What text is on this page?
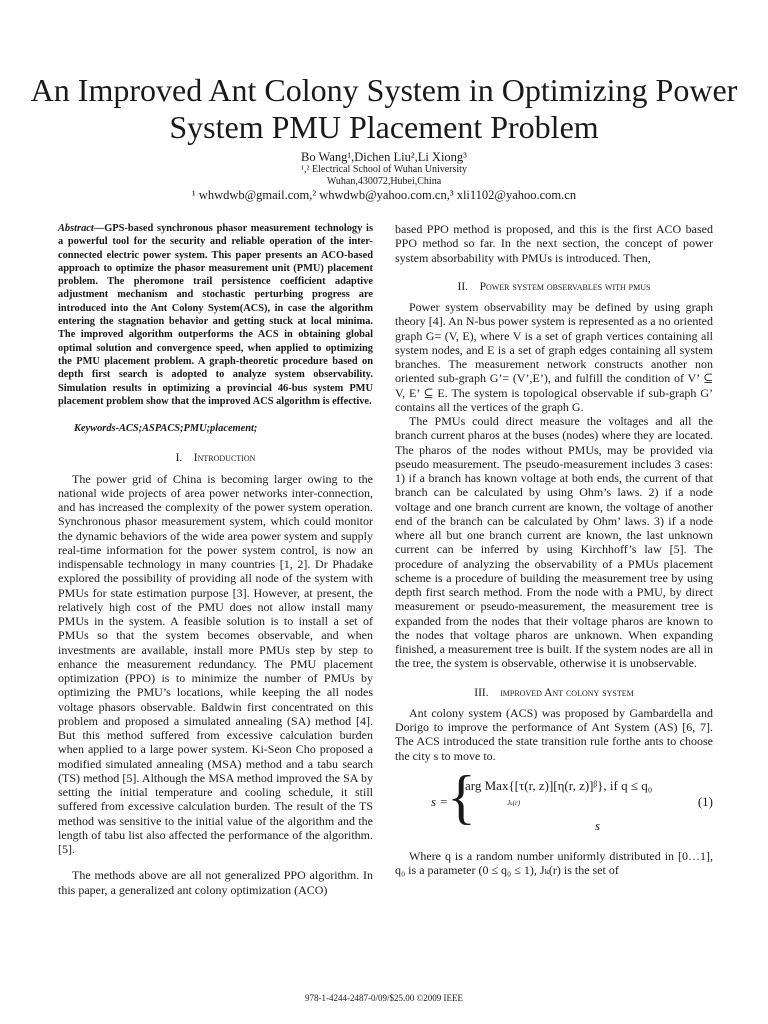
An Improved Ant Colony System in Optimizing Power System PMU Placement Problem
Bo Wang¹,Dichen Liu²,Li Xiong³
¹,² Electrical School of Wuhan University
Wuhan,430072,Hubei,China
¹ whwdwb@gmail.com,² whwdwb@yahoo.com.cn,³ xli1102@yahoo.com.cn
Abstract—GPS-based synchronous phasor measurement technology is a powerful tool for the security and reliable operation of the inter-connected electric power system. This paper presents an ACO-based approach to optimize the phasor measurement unit (PMU) placement problem. The pheromone trail persistence coefficient adaptive adjustment mechanism and stochastic perturbing progress are introduced into the Ant Colony System(ACS), in case the algorithm entering the stagnation behavior and getting stuck at local minima. The improved algorithm outperforms the ACS in obtaining global optimal solution and convergence speed, when applied to optimizing the PMU placement problem. A graph-theoretic procedure based on depth first search is adopted to analyze system observability. Simulation results in optimizing a provincial 46-bus system PMU placement problem show that the improved ACS algorithm is effective.
Keywords-ACS;ASPACS;PMU;placement;
I. Introduction

The power grid of China is becoming larger owing to the national wide projects of area power networks inter-connection, and has increased the complexity of the power system operation. Synchronous phasor measurement system, which could monitor the dynamic behaviors of the wide area power system and supply real-time information for the power system control, is now an indispensable technology in many countries [1, 2]. Dr Phadake explored the possibility of providing all node of the system with PMUs for state estimation purpose [3]. However, at present, the relatively high cost of the PMU does not allow install many PMUs in the system. A feasible solution is to install a set of PMUs so that the system becomes observable, and when investments are available, install more PMUs step by step to enhance the measurement redundancy. The PMU placement optimization (PPO) is to minimize the number of PMUs by optimizing the PMU’s locations, while keeping the all nodes voltage phasors observable. Baldwin first concentrated on this problem and proposed a simulated annealing (SA) method [4]. But this method suffered from excessive calculation burden when applied to a large power system. Ki-Seon Cho proposed a modified simulated annealing (MSA) method and a tabu search (TS) method [5]. Although the MSA method improved the SA by setting the initial temperature and cooling schedule, it still suffered from excessive calculation burden. The result of the TS method was sensitive to the initial value of the algorithm and the length of tabu list also affected the performance of the algorithm. [5].

The methods above are all not generalized PPO algorithm. In this paper, a generalized ant colony optimization (ACO)

based PPO method is proposed, and this is the first ACO based PPO method so far. In the next section, the concept of power system absorbability with PMUs is introduced. Then,

II. Power system observables with pmus

Power system observability may be defined by using graph theory [4]. An N-bus power system is represented as a no oriented graph G= (V, E), where V is a set of graph vertices containing all system nodes, and E is a set of graph edges containing all system branches. The measurement network constructs another non oriented sub-graph G’= (V’,E’), and fulfill the condition of V’ ⊆ V, E’ ⊆ E. The system is topological observable if sub-graph G’ contains all the vertices of the graph G.

The PMUs could direct measure the voltages and all the branch current pharos at the buses (nodes) where they are located. The pharos of the nodes without PMUs, may be provided via pseudo measurement. The pseudo-measurement includes 3 cases: 1) if a branch has known voltage at both ends, the current of that branch can be calculated by using Ohm’s laws. 2) if a node voltage and one branch current are known, the voltage of another end of the branch can be calculated by Ohm’ laws. 3) if a node where all but one branch current are known, the last unknown current can be inferred by using Kirchhoff’s law [5]. The procedure of analyzing the observability of a PMUs placement scheme is a procedure of building the measurement tree by using depth first search method. From the node with a PMU, by direct measurement or pseudo-measurement, the measurement tree is expanded from the nodes that their voltage pharos are known to the nodes that voltage pharos are unknown. When expanding finished, a measurement tree is built. If the system nodes are all in the tree, the system is observable, otherwise it is unobservable.

III. improved Ant colony system

Ant colony system (ACS) was proposed by Gambardella and Dorigo to improve the performance of Ant System (AS) [6, 7]. The ACS introduced the state transition rule forthe ants to choose the city s to move to.

s =
{
arg Max{[τ(r, z)][η(r, z)]ᵝ}, if q ≤ q₀
Jₖ(r)
s
(1)

Where q is a random number uniformly distributed in [0…1], q₀ is a parameter (0 ≤ q₀ ≤ 1), Jₖ(r) is the set of

978-1-4244-2487-0/09/$25.00 ©2009 IEEE
